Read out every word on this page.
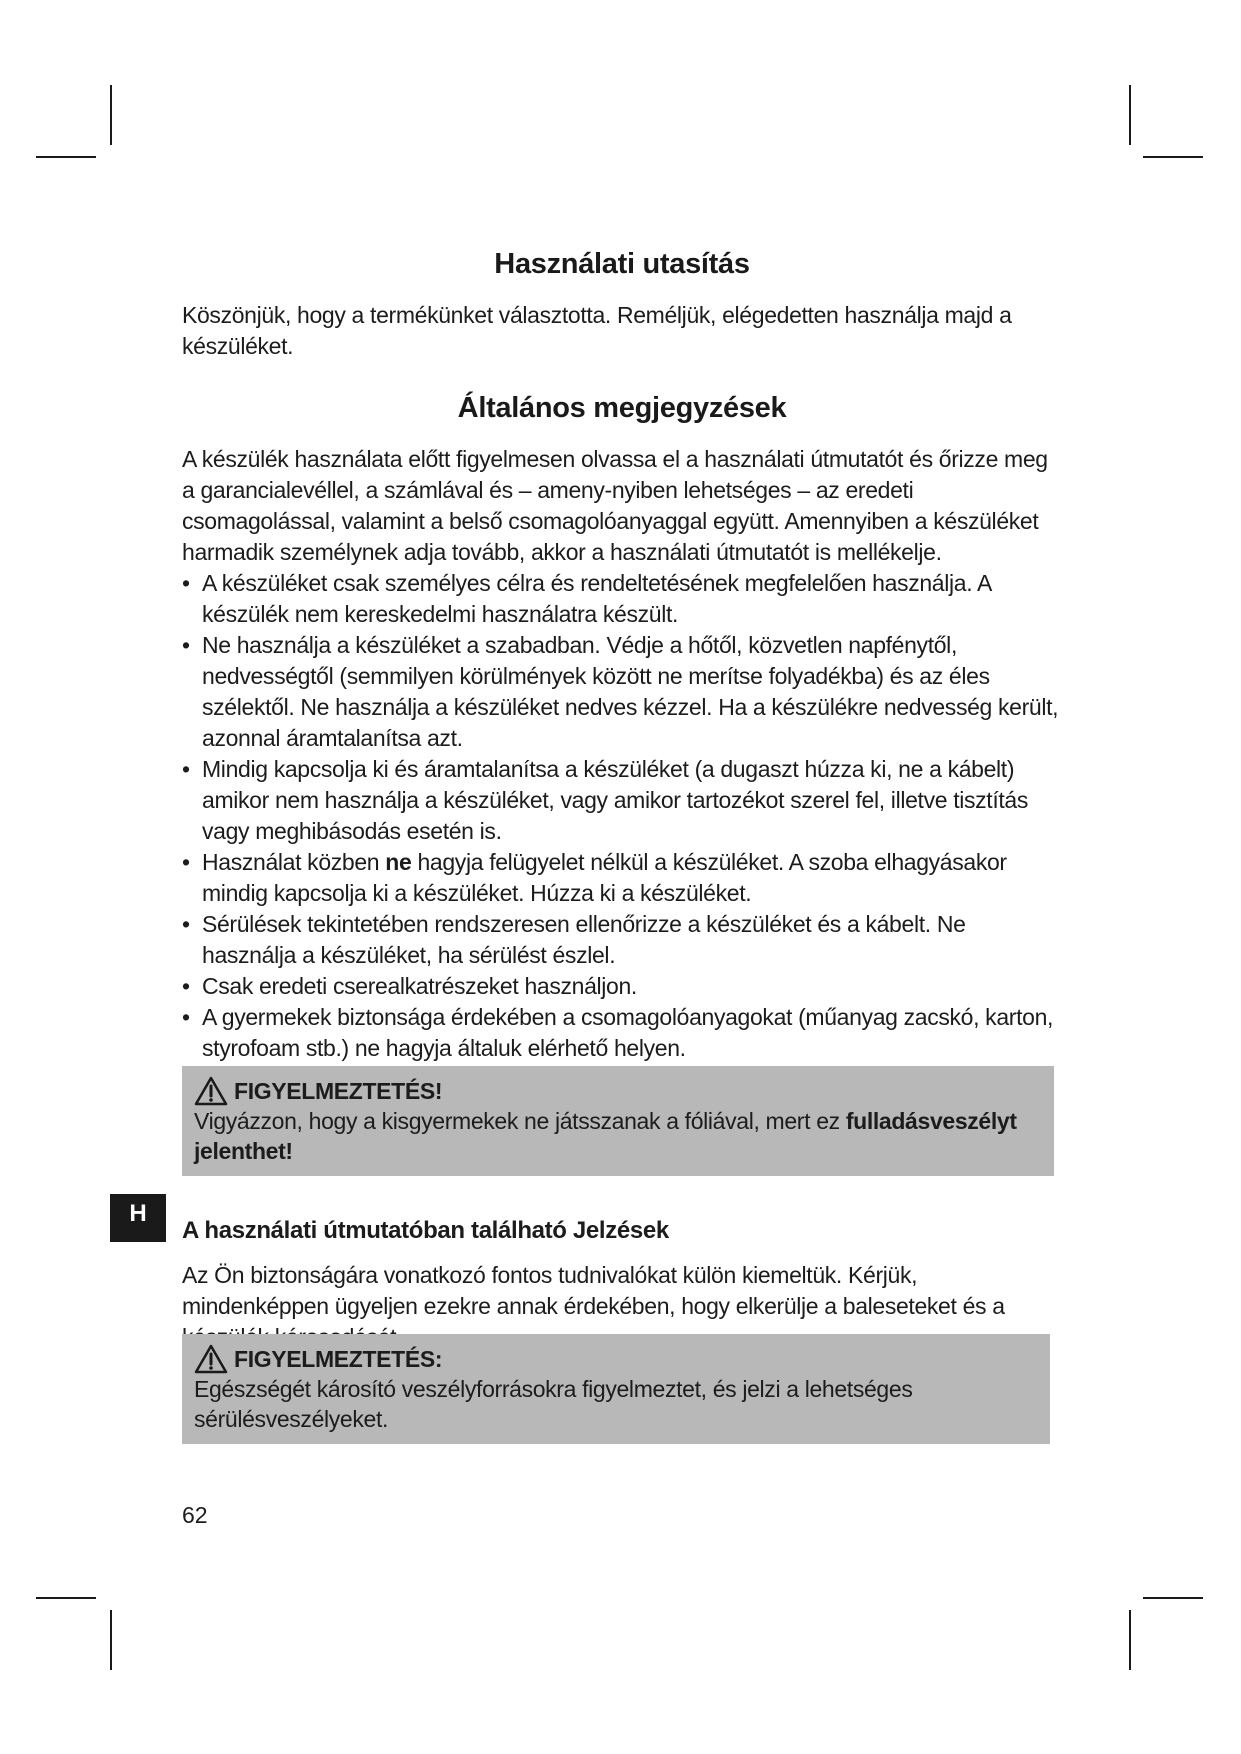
H
Használati utasítás
Köszönjük, hogy a termékünket választotta. Reméljük, elégedetten használja majd a készüléket.
Általános megjegyzések
A készülék használata előtt figyelmesen olvassa el a használati útmutatót és őrizze meg a garancialevéllel, a számlával és – ameny-nyiben lehetséges – az eredeti csomagolással, valamint a belső csomagolóanyaggal együtt. Amennyiben a készüléket harmadik személynek adja tovább, akkor a használati útmutatót is mellékelje.
• A készüléket csak személyes célra és rendeltetésének megfelelően használja. A készülék nem kereskedelmi használatra készült.
• Ne használja a készüléket a szabadban. Védje a hőtől, közvetlen napfénytől, nedvességtől (semmilyen körülmények között ne merítse folyadékba) és az éles szélektől. Ne használja a készüléket nedves kézzel. Ha a készülékre nedvesség került, azonnal áramtalanítsa azt.
• Mindig kapcsolja ki és áramtalanítsa a készüléket (a dugaszt húzza ki, ne a kábelt) amikor nem használja a készüléket, vagy amikor tartozékot szerel fel, illetve tisztítás vagy meghibásodás esetén is.
• Használat közben ne hagyja felügyelet nélkül a készüléket. A szoba elhagyásakor mindig kapcsolja ki a készüléket. Húzza ki a készüléket.
• Sérülések tekintetében rendszeresen ellenőrizze a készüléket és a kábelt. Ne használja a készüléket, ha sérülést észlel.
• Csak eredeti cserealkatrészeket használjon.
• A gyermekek biztonsága érdekében a csomagolóanyagokat (műanyag zacskó, karton, styrofoam stb.) ne hagyja általuk elérhető helyen.
FIGYELMEZTETÉS!
Vigyázzon, hogy a kisgyermekek ne játsszanak a fóliával, mert ez fulladásveszélyt jelenthet!
A használati útmutatóban található Jelzések
Az Ön biztonságára vonatkozó fontos tudnivalókat külön kiemeltük. Kérjük, mindenképpen ügyeljen ezekre annak érdekében, hogy elkerülje a baleseteket és a
FIGYELMEZTETÉS:
Egészségét károsító veszélyforrásokra figyelmeztet, és jelzi a lehetséges sérülésveszélyeket.
62
